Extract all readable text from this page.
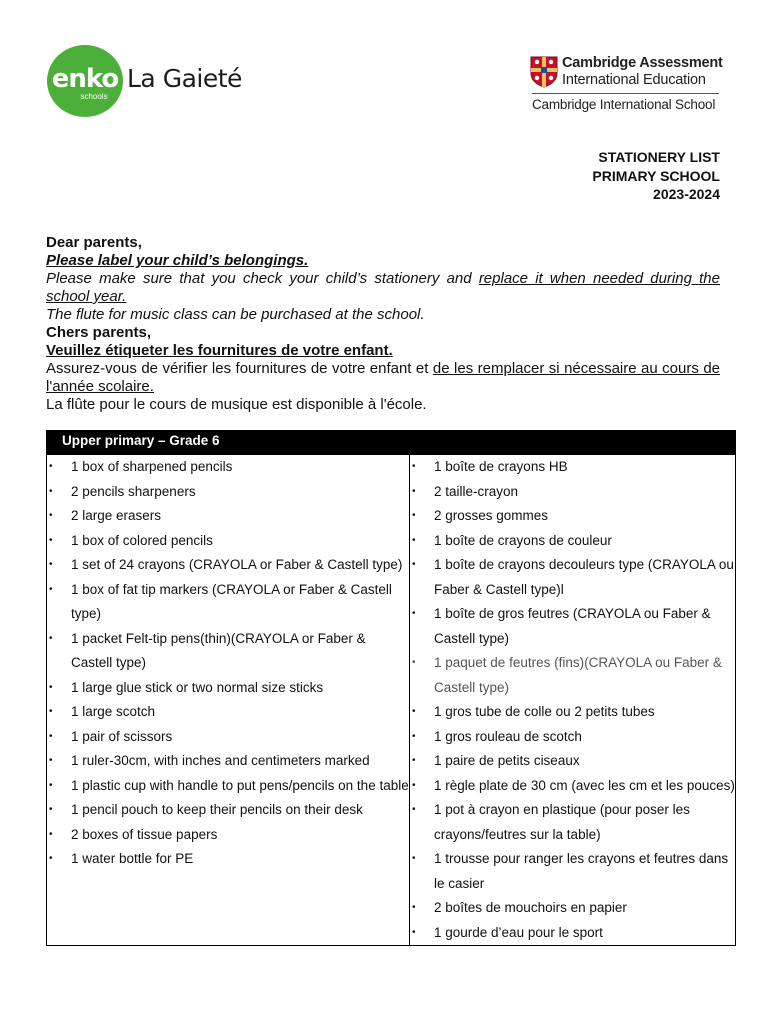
enko
schools
La Gaieté
Cambridge Assessment
International Education
Cambridge International School
STATIONERY LIST
PRIMARY SCHOOL
2023-2024

Dear parents,

Please label your child’s belongings.

Please make sure that you check your child’s stationery and replace it when needed during the school year.

The flute for music class can be purchased at the school.

Chers parents,

Veuillez étiqueter les fournitures de votre enfant.

Assurez-vous de vérifier les fournitures de votre enfant et de les remplacer si nécessaire au cours de l'année scolaire.

La flûte pour le cours de musique est disponible à l'école.

Upper primary – Grade 6
• 1 box of sharpened pencils
• 2 pencils sharpeners
• 2 large erasers
• 1 box of colored pencils
• 1 set of 24 crayons (CRAYOLA or Faber & Castell type)
• 1 box of fat tip markers (CRAYOLA or Faber & Castell type)
• 1 packet Felt-tip pens(thin)(CRAYOLA or Faber & Castell type)
• 1 large glue stick or two normal size sticks
• 1 large scotch
• 1 pair of scissors
• 1 ruler-30cm, with inches and centimeters marked
• 1 plastic cup with handle to put pens/pencils on the table
• 1 pencil pouch to keep their pencils on their desk
• 2 boxes of tissue papers
• 1 water bottle for PE
• 1 boîte de crayons HB
• 2 taille-crayon
• 2 grosses gommes
• 1 boîte de crayons de couleur
• 1 boîte de crayons decouleurs type (CRAYOLA ou Faber & Castell type)l
• 1 boîte de gros feutres (CRAYOLA ou Faber & Castell type)
• 1 paquet de feutres (fins)(CRAYOLA ou Faber & Castell type)
• 1 gros tube de colle ou 2 petits tubes
• 1 gros rouleau de scotch
• 1 paire de petits ciseaux
• 1 règle plate de 30 cm (avec les cm et les pouces)
• 1 pot à crayon en plastique (pour poser les crayons/feutres sur la table)
• 1 trousse pour ranger les crayons et feutres dans le casier
• 2 boîtes de mouchoirs en papier
• 1 gourde d’eau pour le sport
